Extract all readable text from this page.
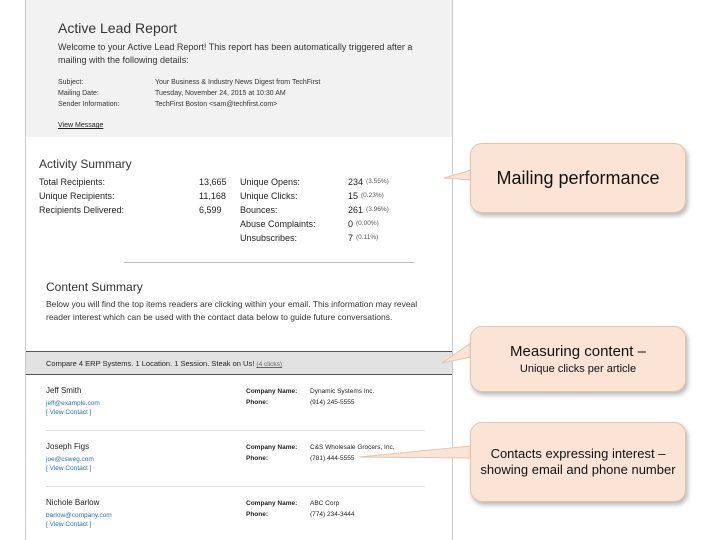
Active Lead Report
Welcome to your Active Lead Report! This report has been automatically triggered after a mailing with the following details:
Subject:	Your Business & Industry News Digest from TechFirst
Mailing Date:	Tuesday, November 24, 2015 at 10:30 AM
Sender Information:	TechFirst Boston <sam@techfirst.com>
View Message
Activity Summary
Total Recipients:	13,665
Unique Recipients:	11,168
Recipients Delivered:	6,599
Unique Opens:	234 (3.55%)
Unique Clicks:	15 (0.23%)
Bounces:	261 (3.96%)
Abuse Complaints:	0 (0.00%)
Unsubscribes:	7 (0.11%)
Content Summary
Below you will find the top items readers are clicking within your email. This information may reveal reader interest which can be used with the contact data below to guide future conversations.
Compare 4 ERP Systems. 1 Location. 1 Session. Steak on Us! (4 clicks)
Jeff Smith
jeff@example.com
[ View Contact ]
Company Name:	Dynamic Systems Inc.
Phone:	(914) 245-5555
Joseph Figs
joe@csweg.com
[ View Contact ]
Company Name:	C&S Wholesale Grocers, Inc.
Phone:	(781) 444-5555
Nichole Barlow
barlow@company.com
[ View Contact ]
Company Name:	ABC Corp
Phone:	(774) 234-3444
Mailing performance
Measuring content –
Unique clicks per article
Contacts expressing interest – showing email and phone number
